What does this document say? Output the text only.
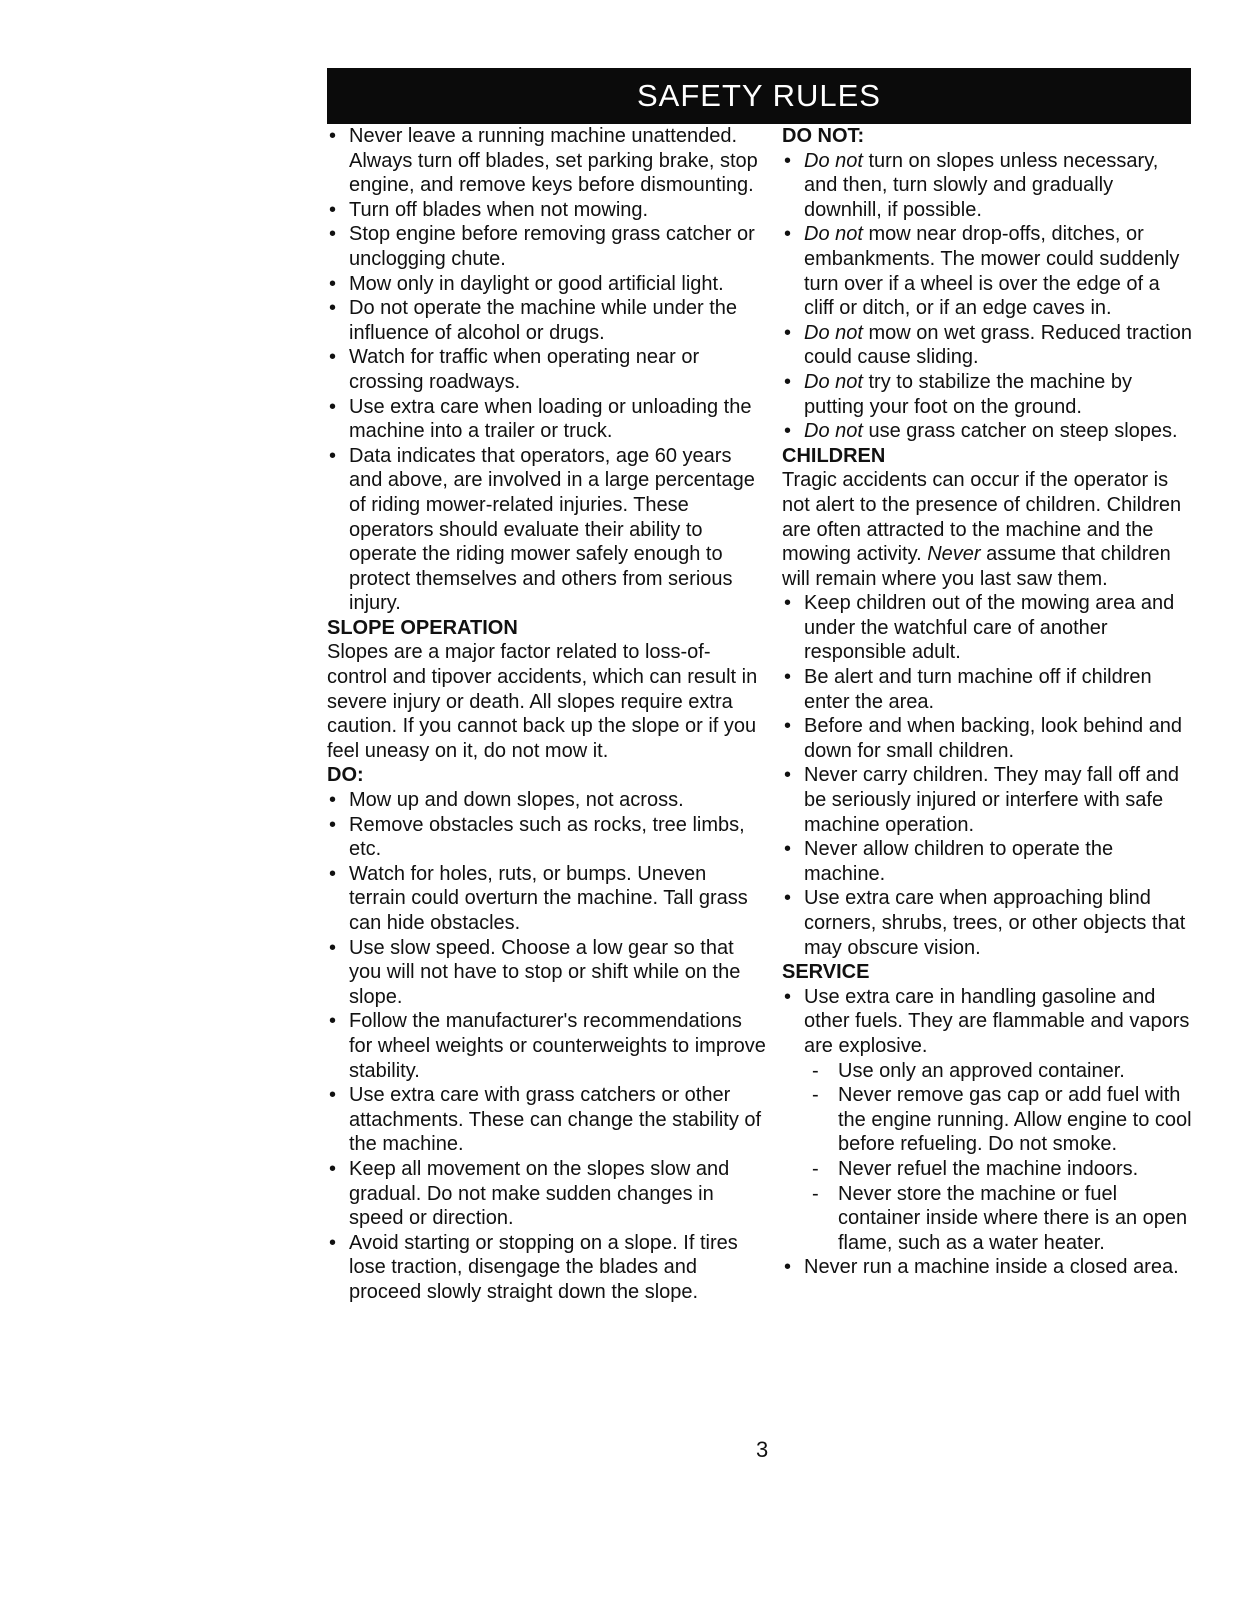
SAFETY RULES
• Never leave a running machine unattended. Always turn off blades, set parking brake, stop engine, and remove keys before dismounting.
• Turn off blades when not mowing.
• Stop engine before removing grass catcher or unclogging chute.
• Mow only in daylight or good artificial light.
• Do not operate the machine while under the influence of alcohol or drugs.
• Watch for traffic when operating near or crossing roadways.
• Use extra care when loading or unloading the machine into a trailer or truck.
• Data indicates that operators, age 60 years and above, are involved in a large percentage of riding mower-related injuries. These operators should evaluate their ability to operate the riding mower safely enough to protect themselves and others from serious injury.
SLOPE OPERATION

Slopes are a major factor related to loss-of-control and tipover accidents, which can result in severe injury or death. All slopes require extra caution. If you cannot back up the slope or if you feel uneasy on it, do not mow it.

DO:
• Mow up and down slopes, not across.
• Remove obstacles such as rocks, tree limbs, etc.
• Watch for holes, ruts, or bumps. Uneven terrain could overturn the machine. Tall grass can hide obstacles.
• Use slow speed. Choose a low gear so that you will not have to stop or shift while on the slope.
• Follow the manufacturer's recommendations for wheel weights or counterweights to improve stability.
• Use extra care with grass catchers or other attachments. These can change the stability of the machine.
• Keep all movement on the slopes slow and gradual. Do not make sudden changes in speed or direction.
• Avoid starting or stopping on a slope. If tires lose traction, disengage the blades and proceed slowly straight down the slope.
DO NOT:
• Do not turn on slopes unless necessary, and then, turn slowly and gradually downhill, if possible.
• Do not mow near drop-offs, ditches, or embankments. The mower could suddenly turn over if a wheel is over the edge of a cliff or ditch, or if an edge caves in.
• Do not mow on wet grass. Reduced traction could cause sliding.
• Do not try to stabilize the machine by putting your foot on the ground.
• Do not use grass catcher on steep slopes.
CHILDREN

Tragic accidents can occur if the operator is not alert to the presence of children. Children are often attracted to the machine and the mowing activity. Never assume that children will remain where you last saw them.

• Keep children out of the mowing area and under the watchful care of another responsible adult.
• Be alert and turn machine off if children enter the area.
• Before and when backing, look behind and down for small children.
• Never carry children. They may fall off and be seriously injured or interfere with safe machine operation.
• Never allow children to operate the machine.
• Use extra care when approaching blind corners, shrubs, trees, or other objects that may obscure vision.
SERVICE
• Use extra care in handling gasoline and other fuels. They are flammable and vapors are explosive.
- Use only an approved container.
- Never remove gas cap or add fuel with the engine running. Allow engine to cool before refueling. Do not smoke.
- Never refuel the machine indoors.
- Never store the machine or fuel container inside where there is an open flame, such as a water heater.
• Never run a machine inside a closed area.
3
